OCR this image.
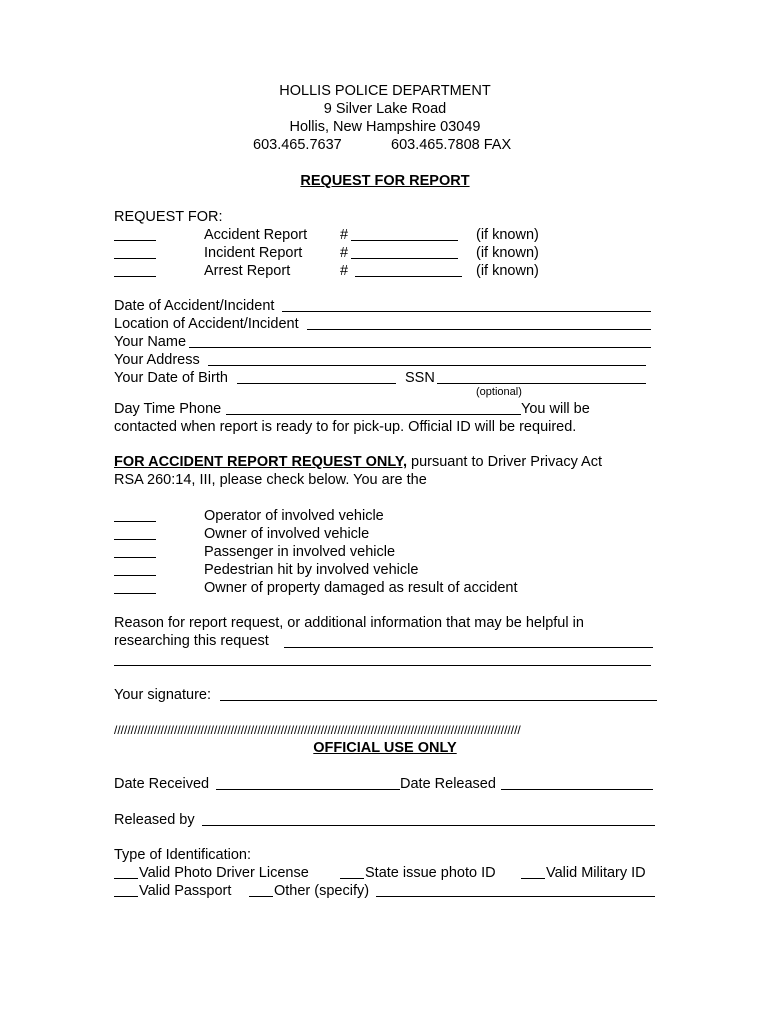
HOLLIS POLICE DEPARTMENT
9 Silver Lake Road
Hollis, New Hampshire 03049
603.465.7637	603.465.7808 FAX
REQUEST FOR REPORT
REQUEST FOR:
Accident Report #	(if known)
Incident Report	#	(if known)
Arrest Report	#	(if known)
Date of Accident/Incident
Location of Accident/Incident
Your Name
Your Address
Your Date of Birth	SSN
(optional)
Day Time Phone	You will be
contacted when report is ready to for pick-up. Official ID will be required.
FOR ACCIDENT REPORT REQUEST ONLY, pursuant to Driver Privacy Act
RSA 260:14, III, please check below. You are the
Operator of involved vehicle
Owner of involved vehicle
Passenger in involved vehicle
Pedestrian hit by involved vehicle
Owner of property damaged as result of accident
Reason for report request, or additional information that may be helpful in
researching this request
Your signature:
//////////////////////////////////////////////////////////////////////////////////////////////////////////////////////////
OFFICIAL USE ONLY
Date Received	Date Released
Released by
Type of Identification:
Valid Photo Driver License	State issue photo ID	Valid Military ID
Valid Passport	Other (specify)
